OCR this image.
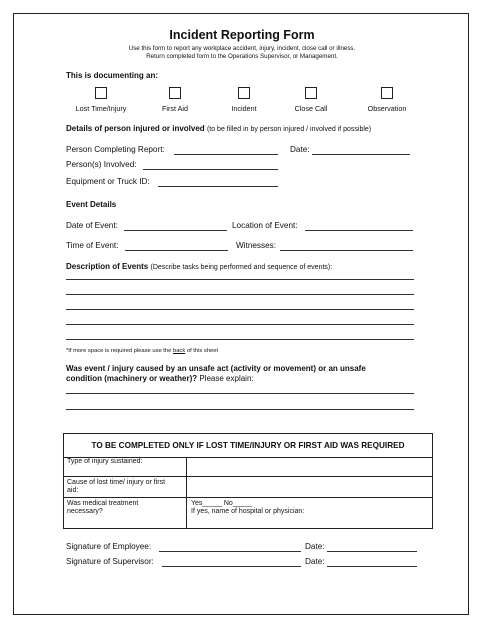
Incident Reporting Form
Use this form to report any workplace accident, injury, incident, close call or illness.
Return completed form to the Operations Supervisor, or Management.
This is documenting an:
Lost Time/Injury	First Aid	Incident	Close Call	Observation
Details of person injured or involved (to be filled in by person injured / involved if possible)
Person Completing Report:	Date:
Person(s) Involved:
Equipment or Truck ID:
Event Details
Date of Event:	Location of Event:
Time of Event:	Witnesses:
Description of Events (Describe tasks being performed and sequence of events):
*If more space is required please use the back of this sheet
Was event / injury caused by an unsafe act (activity or movement) or an unsafe
condition (machinery or weather)? Please explain:
TO BE COMPLETED ONLY IF LOST TIME/INJURY OR FIRST AID WAS REQUIRED
Type of injury sustained:
Cause of lost time/ injury or first aid:
Was medical treatment necessary?
Yes_____ No_____
If yes, name of hospital or physician:
Signature of Employee:	Date:
Signature of Supervisor:	Date:
